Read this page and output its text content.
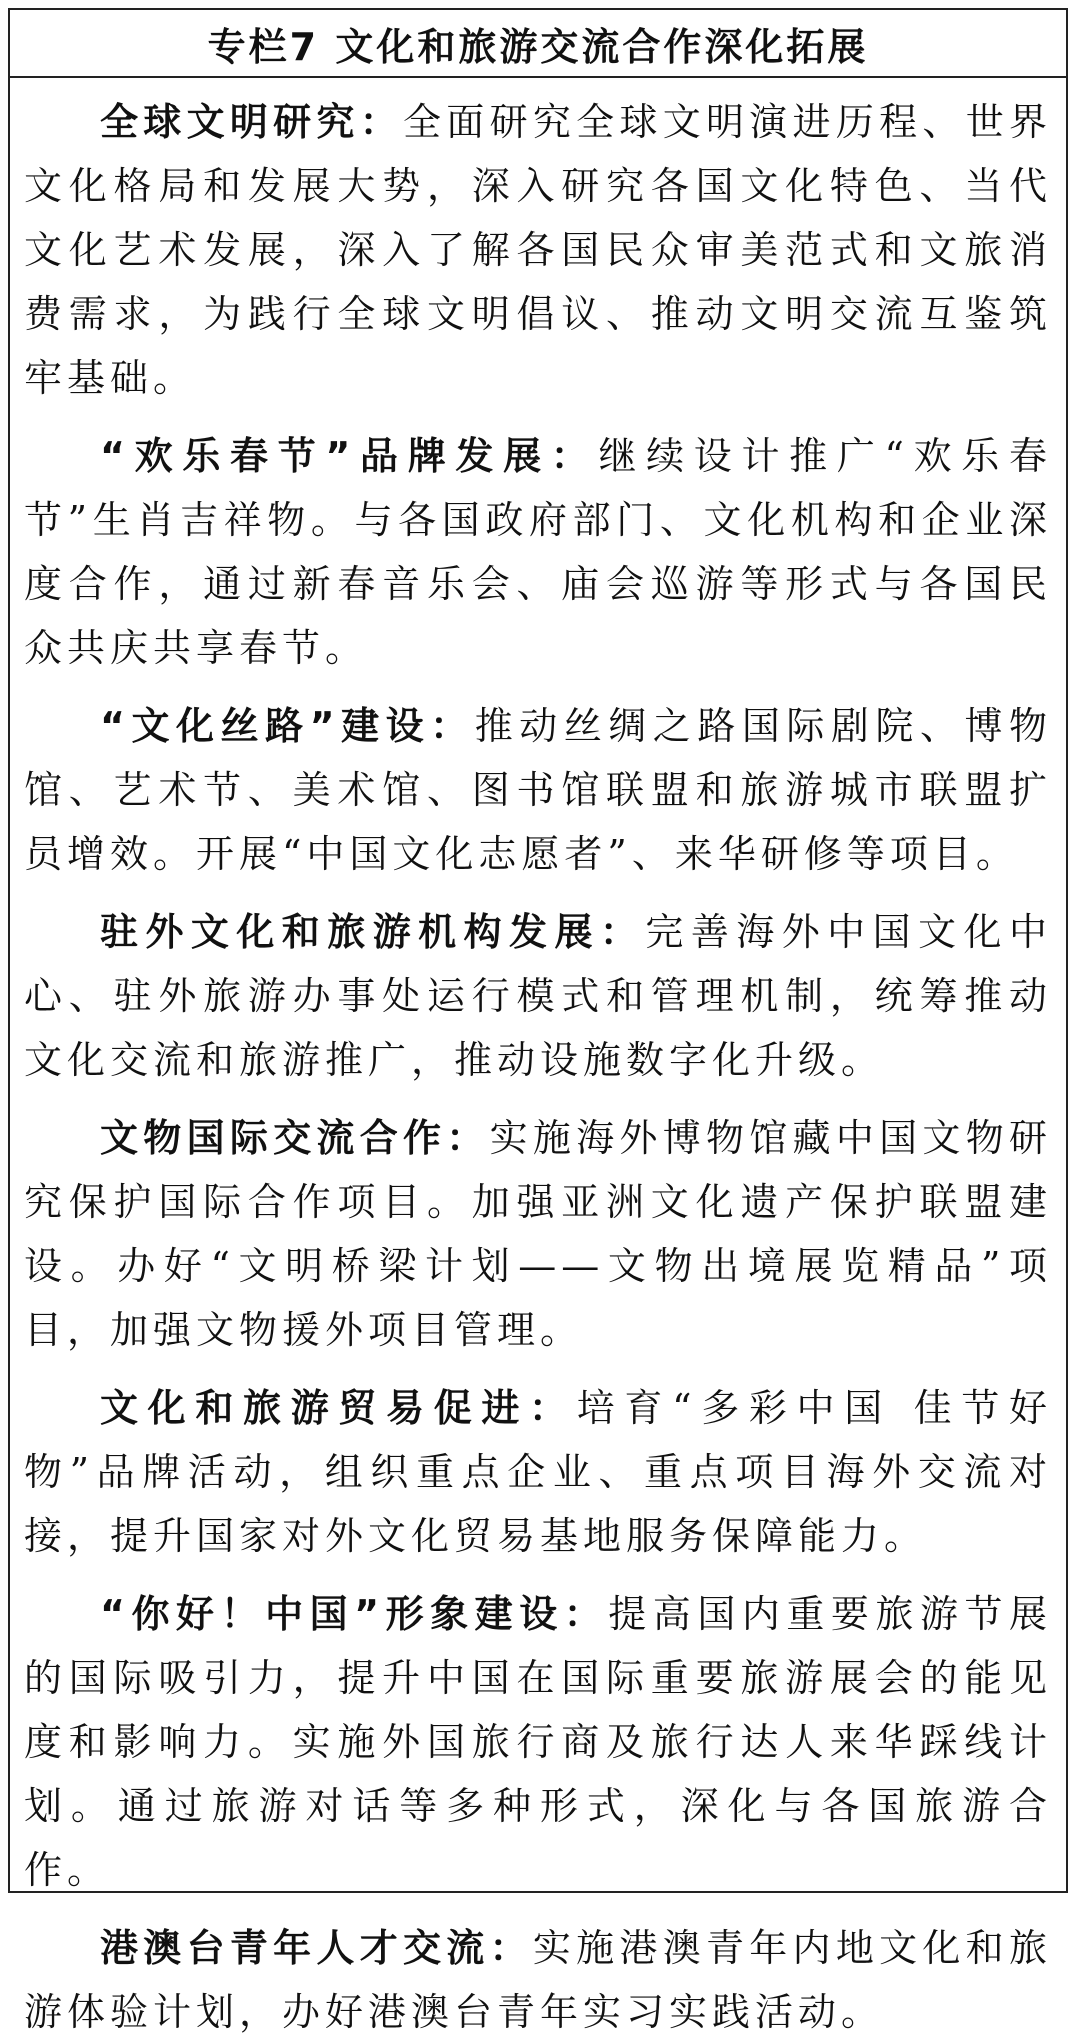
专栏7 文化和旅游交流合作深化拓展

全球文明研究：全面研究全球文明演进历程、世界文化格局和发展大势，深入研究各国文化特色、当代文化艺术发展，深入了解各国民众审美范式和文旅消费需求，为践行全球文明倡议、推动文明交流互鉴筑牢基础。

“欢乐春节”品牌发展：继续设计推广“欢乐春节”生肖吉祥物。与各国政府部门、文化机构和企业深度合作，通过新春音乐会、庙会巡游等形式与各国民众共庆共享春节。

“文化丝路”建设：推动丝绸之路国际剧院、博物馆、艺术节、美术馆、图书馆联盟和旅游城市联盟扩员增效。开展“中国文化志愿者”、来华研修等项目。

驻外文化和旅游机构发展：完善海外中国文化中心、驻外旅游办事处运行模式和管理机制，统筹推动文化交流和旅游推广，推动设施数字化升级。

文物国际交流合作：实施海外博物馆藏中国文物研究保护国际合作项目。加强亚洲文化遗产保护联盟建设。办好“文明桥梁计划——文物出境展览精品”项目，加强文物援外项目管理。

文化和旅游贸易促进：培育“多彩中国 佳节好物”品牌活动，组织重点企业、重点项目海外交流对接，提升国家对外文化贸易基地服务保障能力。

“你好！中国”形象建设：提高国内重要旅游节展的国际吸引力，提升中国在国际重要旅游展会的能见度和影响力。实施外国旅行商及旅行达人来华踩线计划。通过旅游对话等多种形式，深化与各国旅游合作。

港澳台青年人才交流：实施港澳青年内地文化和旅游体验计划，办好港澳台青年实习实践活动。
